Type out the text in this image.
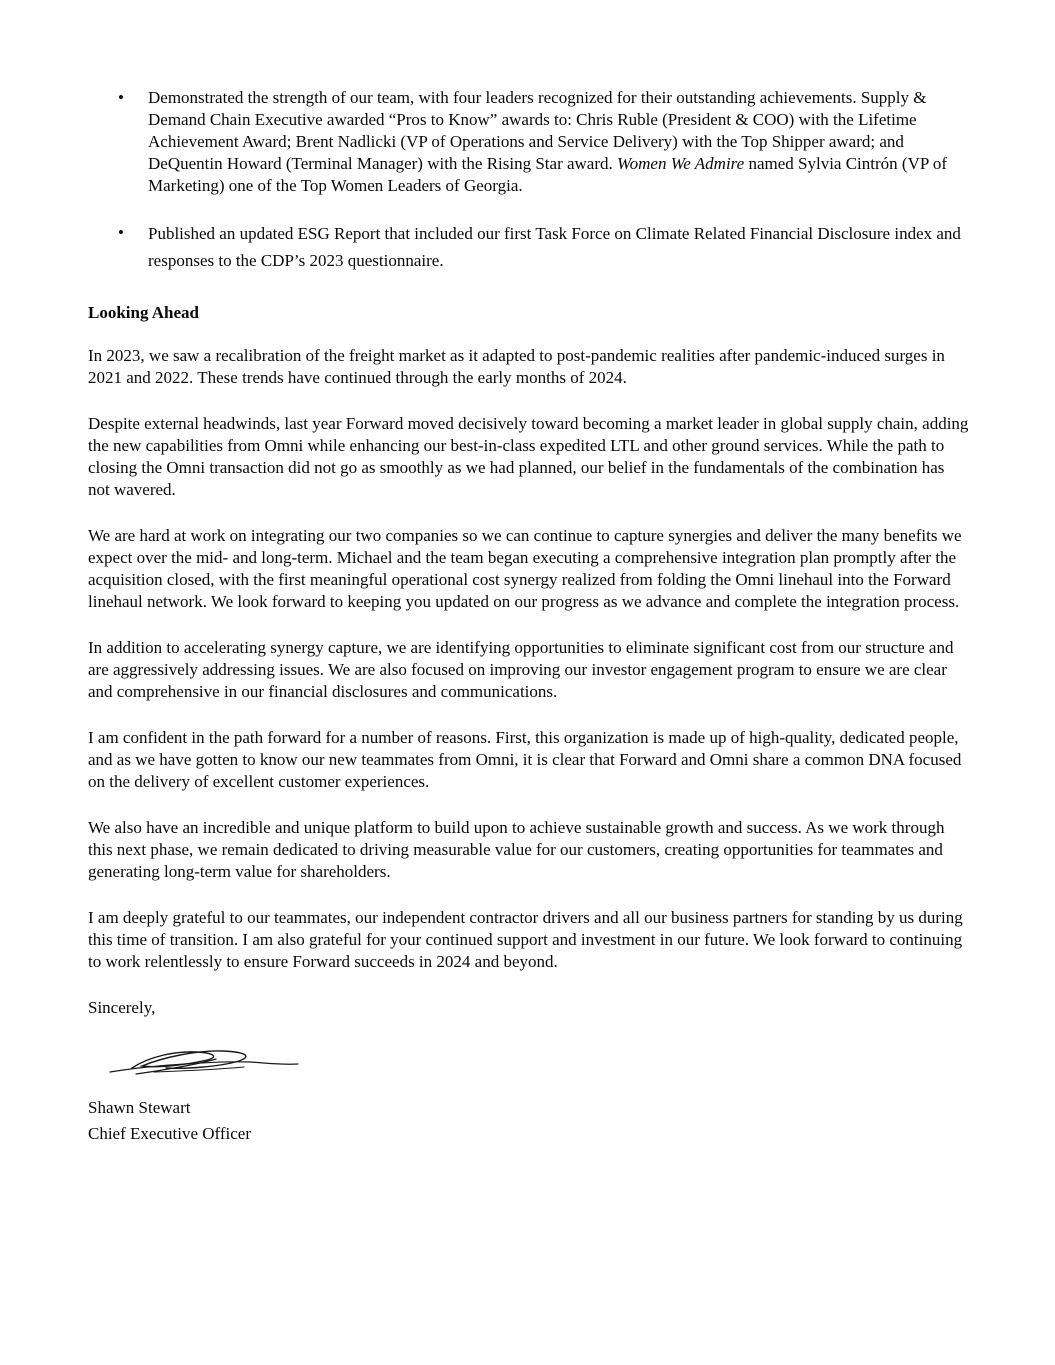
• Demonstrated the strength of our team, with four leaders recognized for their outstanding achievements. Supply & Demand Chain Executive awarded “Pros to Know” awards to: Chris Ruble (President & COO) with the Lifetime Achievement Award; Brent Nadlicki (VP of Operations and Service Delivery) with the Top Shipper award; and DeQuentin Howard (Terminal Manager) with the Rising Star award. Women We Admire named Sylvia Cintrón (VP of Marketing) one of the Top Women Leaders of Georgia.
• Published an updated ESG Report that included our first Task Force on Climate Related Financial Disclosure index and responses to the CDP’s 2023 questionnaire.
Looking Ahead

In 2023, we saw a recalibration of the freight market as it adapted to post-pandemic realities after pandemic-induced surges in 2021 and 2022. These trends have continued through the early months of 2024.

Despite external headwinds, last year Forward moved decisively toward becoming a market leader in global supply chain, adding the new capabilities from Omni while enhancing our best-in-class expedited LTL and other ground services. While the path to closing the Omni transaction did not go as smoothly as we had planned, our belief in the fundamentals of the combination has not wavered.

We are hard at work on integrating our two companies so we can continue to capture synergies and deliver the many benefits we expect over the mid- and long-term. Michael and the team began executing a comprehensive integration plan promptly after the acquisition closed, with the first meaningful operational cost synergy realized from folding the Omni linehaul into the Forward linehaul network. We look forward to keeping you updated on our progress as we advance and complete the integration process.

In addition to accelerating synergy capture, we are identifying opportunities to eliminate significant cost from our structure and are aggressively addressing issues. We are also focused on improving our investor engagement program to ensure we are clear and comprehensive in our financial disclosures and communications.

I am confident in the path forward for a number of reasons. First, this organization is made up of high-quality, dedicated people, and as we have gotten to know our new teammates from Omni, it is clear that Forward and Omni share a common DNA focused on the delivery of excellent customer experiences.

We also have an incredible and unique platform to build upon to achieve sustainable growth and success. As we work through this next phase, we remain dedicated to driving measurable value for our customers, creating opportunities for teammates and generating long-term value for shareholders.

I am deeply grateful to our teammates, our independent contractor drivers and all our business partners for standing by us during this time of transition. I am also grateful for your continued support and investment in our future. We look forward to continuing to work relentlessly to ensure Forward succeeds in 2024 and beyond.

Sincerely,

Shawn Stewart
Chief Executive Officer
